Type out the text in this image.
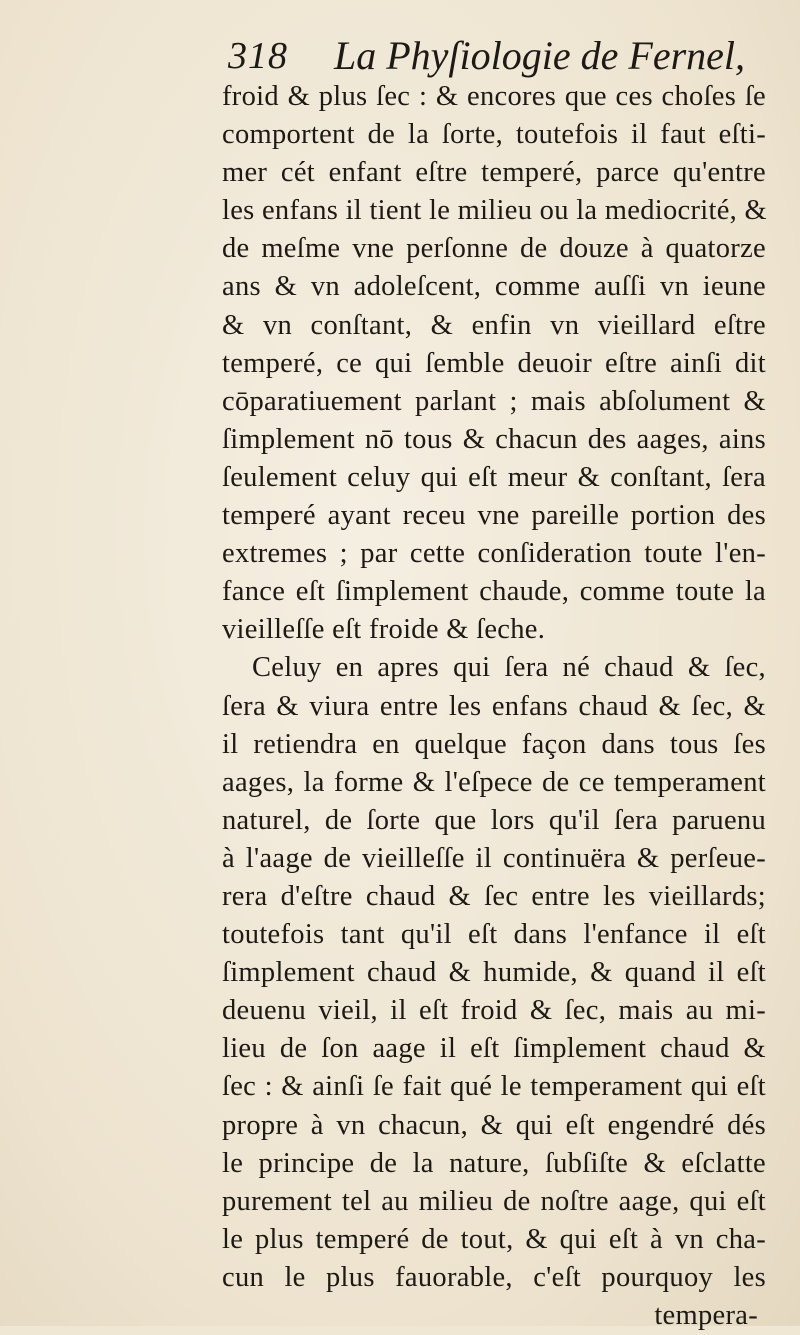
318 La Phyſiologie de Fernel,
froid & plus ſec : & encores que ces choſes ſe
comportent de la ſorte, toutefois il faut eſti-
mer cét enfant eſtre temperé, parce qu'entre
les enfans il tient le milieu ou la mediocrité, &
de meſme vne perſonne de douze à quatorze
ans & vn adoleſcent, comme auſſi vn ieune
& vn conſtant, & enfin vn vieillard eſtre
temperé, ce qui ſemble deuoir eſtre ainſi dit
cōparatiuement parlant ; mais abſolument &
ſimplement nō tous & chacun des aages, ains
ſeulement celuy qui eſt meur & conſtant, ſera
temperé ayant receu vne pareille portion des
extremes ; par cette conſideration toute l'en-
fance eſt ſimplement chaude, comme toute la
vieilleſſe eſt froide & ſeche.
Celuy en apres qui ſera né chaud & ſec,
ſera & viura entre les enfans chaud & ſec, &
il retiendra en quelque façon dans tous ſes
aages, la forme & l'eſpece de ce temperament
naturel, de ſorte que lors qu'il ſera paruenu
à l'aage de vieilleſſe il continuëra & perſeue-
rera d'eſtre chaud & ſec entre les vieillards;
toutefois tant qu'il eſt dans l'enfance il eſt
ſimplement chaud & humide, & quand il eſt
deuenu vieil, il eſt froid & ſec, mais au mi-
lieu de ſon aage il eſt ſimplement chaud &
ſec : & ainſi ſe fait qué le temperament qui eſt
propre à vn chacun, & qui eſt engendré dés
le principe de la nature, ſubſiſte & eſclatte
purement tel au milieu de noſtre aage, qui eſt
le plus temperé de tout, & qui eſt à vn cha-
cun le plus fauorable, c'eſt pourquoy les
tempera-
